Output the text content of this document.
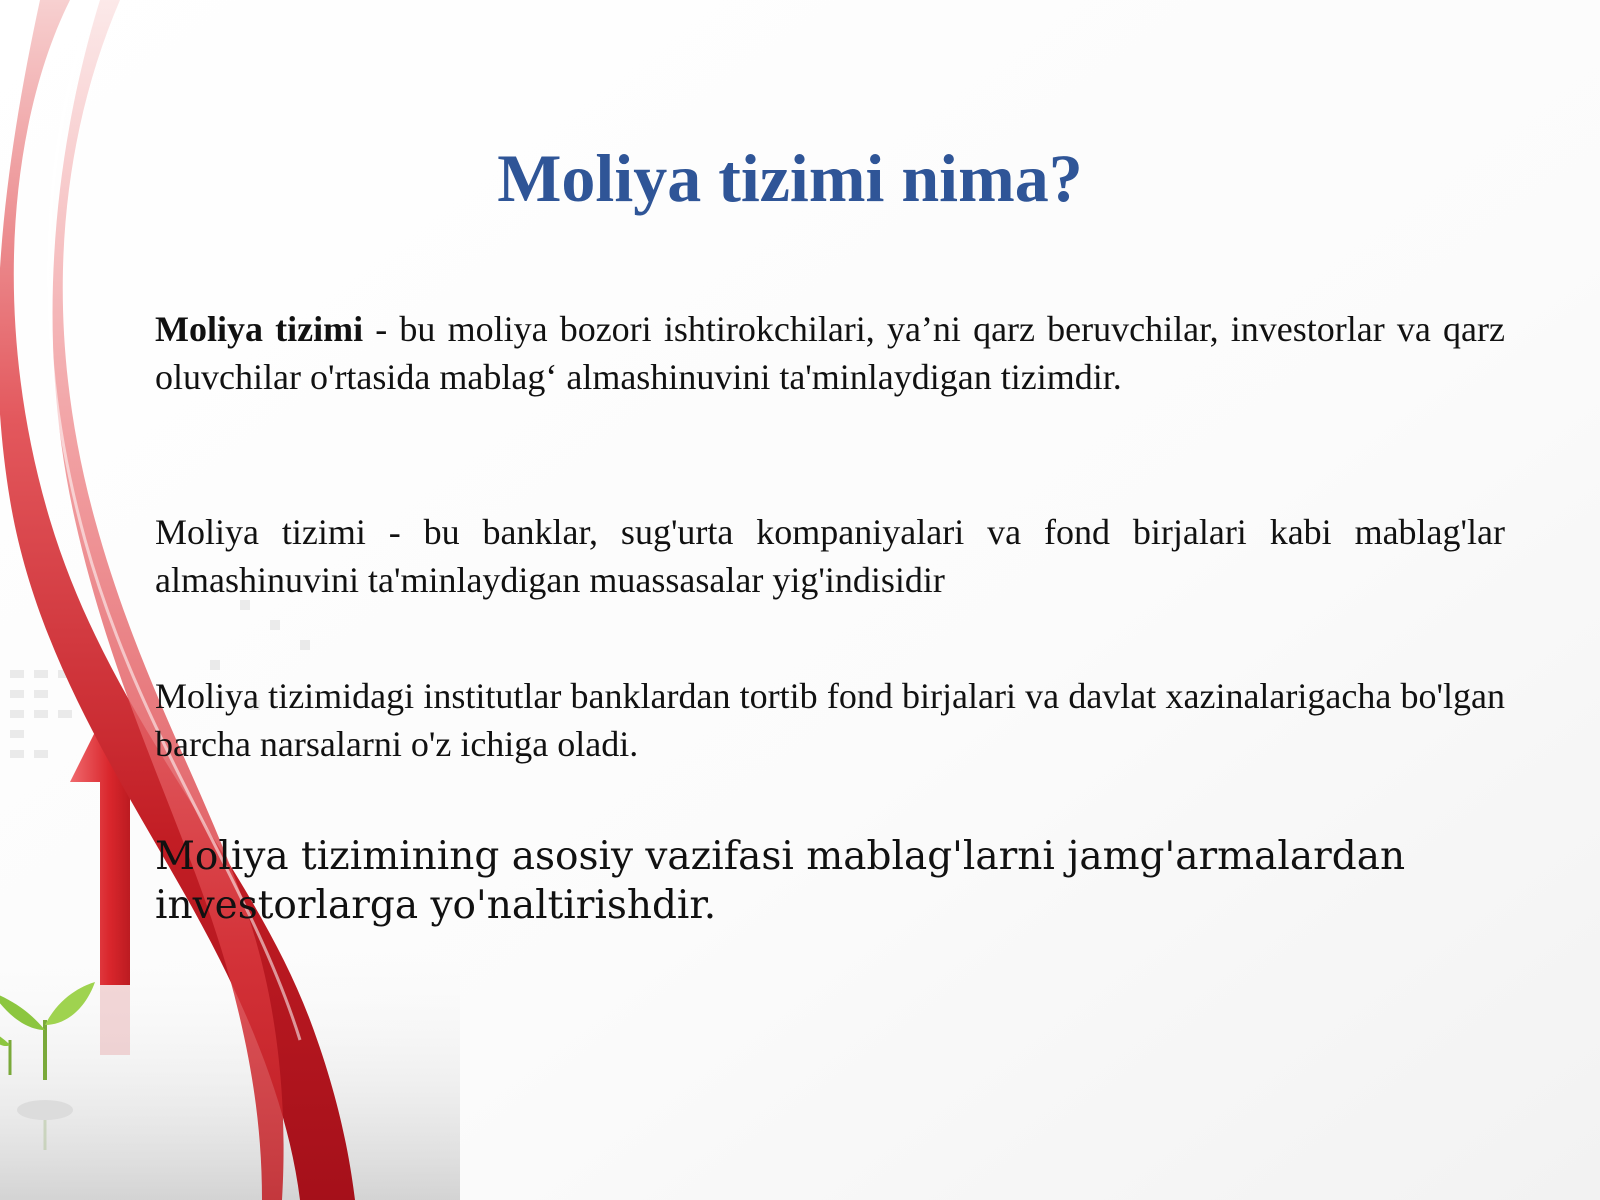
Moliya tizimi nima?

Moliya tizimi - bu moliya bozori ishtirokchilari, ya’ni qarz beruvchilar, investorlar va qarz oluvchilar o'rtasida mablag‘ almashinuvini ta'minlaydigan tizimdir.

Moliya tizimi - bu banklar, sug'urta kompaniyalari va fond birjalari kabi mablag'lar almashinuvini ta'minlaydigan muassasalar yig'indisidir

Moliya tizimidagi institutlar banklardan tortib fond birjalari va davlat xazinalarigacha bo'lgan barcha narsalarni o'z ichiga oladi.

Moliya tizimining asosiy vazifasi mablag'larni jamg'armalardan investorlarga yo'naltirishdir.
